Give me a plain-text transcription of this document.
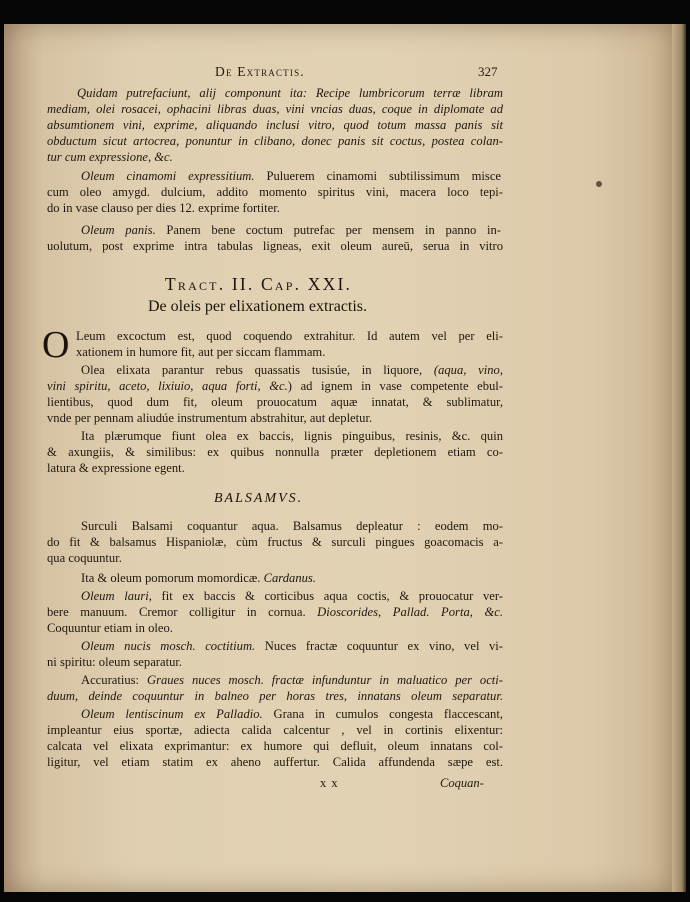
De Extractis.	327

Quidam putrefaciunt, alij componunt ita: Recipe lumbricorum terræ libram

mediam, olei rosacei, ophacini libras duas, vini vncias duas, coque in diplomate ad

absumtionem vini, exprime, aliquando inclusi vitro, quod totum massa panis sit

obductum sicut artocrea, ponuntur in clibano, donec panis sit coctus, postea colan-

tur cum expressione, &c.

Oleum cinamomi expressitium. Puluerem cinamomi subtilissimum misce

cum oleo amygd. dulcium, addito momento spiritus vini, macera loco tepi-

do in vase clauso per dies 12. exprime fortiter.

Oleum panis. Panem bene coctum putrefac per mensem in panno in-

uolutum, post exprime intra tabulas ligneas, exit oleum aureū, serua in vitro

Tract. II. Cap. XXI.

De oleis per elixationem extractis.

O Leum excoctum est, quod coquendo extrahitur. Id autem vel per eli-

xationem in humore fit, aut per siccam flammam.

Olea elixata parantur rebus quassatis tusisúe, in liquore, (aqua, vino,

vini spiritu, aceto, lixiuio, aqua forti, &c.) ad ignem in vase competente ebul-

lientibus, quod dum fit, oleum prouocatum aquæ innatat, & sublimatur,

vnde per pennam aliudúe instrumentum abstrahitur, aut depletur.

Ita plærumque fiunt olea ex baccis, lignis pinguibus, resinis, &c. quin

& axungiis, & similibus: ex quibus nonnulla præter depletionem etiam co-

latura & expressione egent.

BALSAMVS.

Surculi Balsami coquantur aqua. Balsamus depleatur : eodem mo-

do fit & balsamus Hispaniolæ, cùm fructus & surculi pingues goacomacis a-

qua coquuntur.

Ita & oleum pomorum momordicæ. Cardanus.

Oleum lauri, fit ex baccis & corticibus aqua coctis, & prouocatur ver-

bere manuum. Cremor colligitur in cornua. Dioscorides, Pallad. Porta, &c.

Coquuntur etiam in oleo.

Oleum nucis mosch. coctitium. Nuces fractæ coquuntur ex vino, vel vi-

ni spiritu: oleum separatur.

Accuratius: Graues nuces mosch. fractæ infunduntur in maluatico per octi-

duum, deinde coquuntur in balneo per horas tres, innatans oleum separatur.

Oleum lentiscinum ex Palladio. Grana in cumulos congesta flaccescant,

impleantur eius sportæ, adiecta calida calcentur , vel in cortinis elixentur:

calcata vel elixata exprimantur: ex humore qui defluit, oleum innatans col-

ligitur, vel etiam statim ex aheno auffertur. Calida affundenda sæpe est.

x x	Coquan-
